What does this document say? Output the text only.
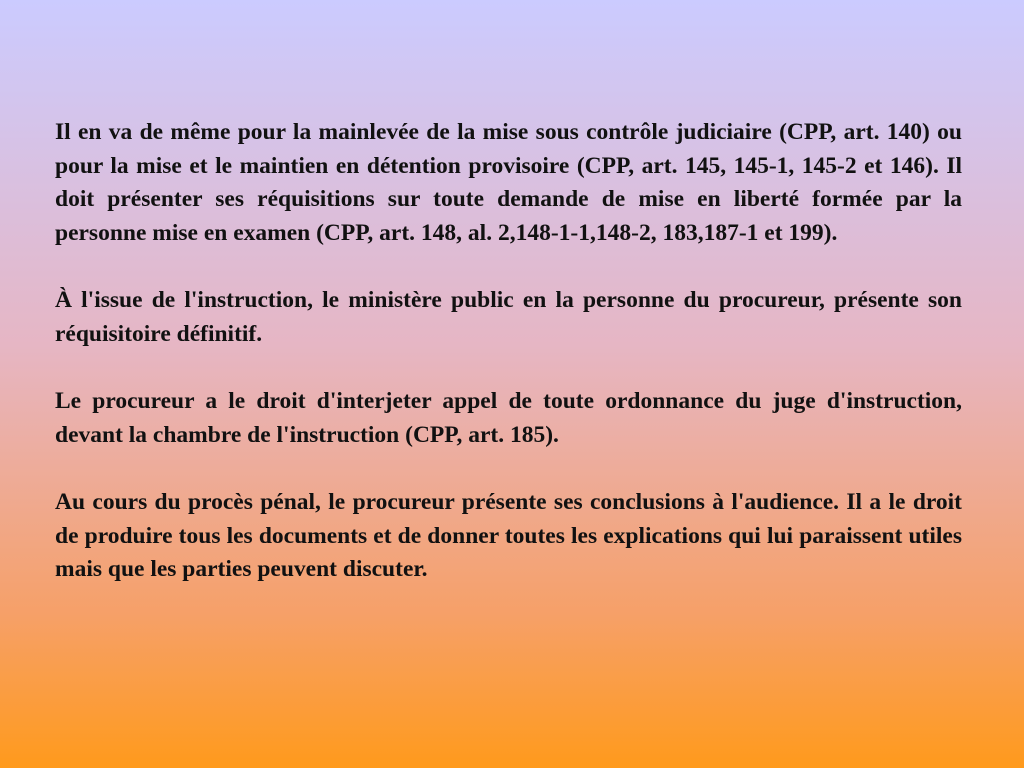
Il en va de même pour la mainlevée de la mise sous contrôle judiciaire (CPP, art. 140) ou pour la mise et le maintien en détention provisoire (CPP, art. 145, 145-1, 145-2 et 146). Il doit présenter ses réquisitions sur toute demande de mise en liberté formée par la personne mise en examen (CPP, art. 148, al. 2,148-1-1,148-2, 183,187-1 et 199).

À l'issue de l'instruction, le ministère public en la personne du procureur, présente son réquisitoire définitif.

Le procureur a le droit d'interjeter appel de toute ordonnance du juge d'instruction, devant la chambre de l'instruction (CPP, art. 185).

Au cours du procès pénal, le procureur présente ses conclusions à l'audience. Il a le droit de produire tous les documents et de donner toutes les explications qui lui paraissent utiles mais que les parties peuvent discuter.
